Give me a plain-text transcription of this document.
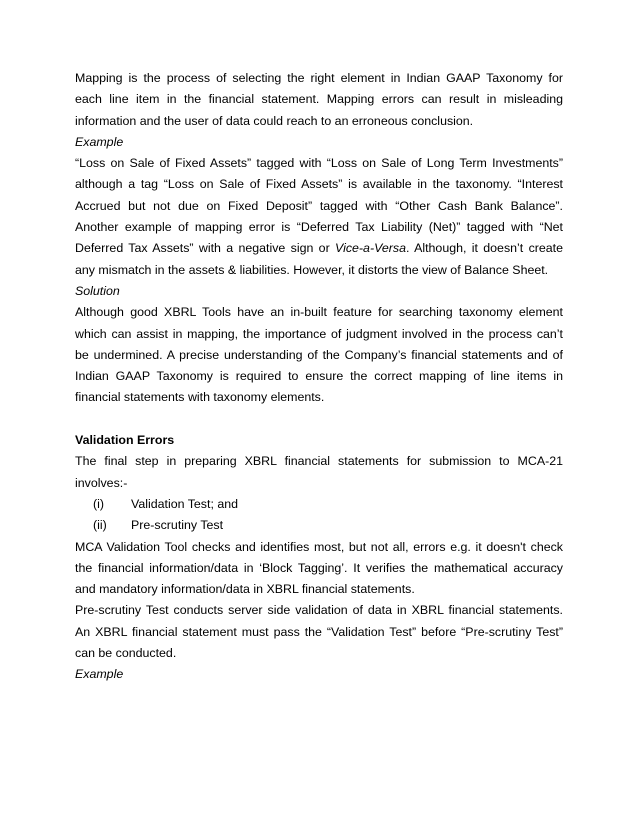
Mapping is the process of selecting the right element in Indian GAAP Taxonomy for
each line item in the financial statement. Mapping errors can result in misleading
information and the user of data could reach to an erroneous conclusion.
Example
“Loss on Sale of Fixed Assets” tagged with “Loss on Sale of Long Term Investments”
although a tag “Loss on Sale of Fixed Assets” is available in the taxonomy. “Interest
Accrued but not due on Fixed Deposit” tagged with “Other Cash Bank Balance”.
Another example of mapping error is “Deferred Tax Liability (Net)” tagged with “Net
Deferred Tax Assets” with a negative sign or Vice-a-Versa. Although, it doesn’t create
any mismatch in the assets & liabilities. However, it distorts the view of Balance Sheet.
Solution
Although good XBRL Tools have an in-built feature for searching taxonomy element
which can assist in mapping, the importance of judgment involved in the process can’t
be undermined. A precise understanding of the Company’s financial statements and of
Indian GAAP Taxonomy is required to ensure the correct mapping of line items in
financial statements with taxonomy elements.
Validation Errors
The final step in preparing XBRL financial statements for submission to MCA-21
involves:-
(i) Validation Test; and
(ii) Pre-scrutiny Test
MCA Validation Tool checks and identifies most, but not all, errors e.g. it doesn't check
the financial information/data in ‘Block Tagging’. It verifies the mathematical accuracy
and mandatory information/data in XBRL financial statements.
Pre-scrutiny Test conducts server side validation of data in XBRL financial statements.
An XBRL financial statement must pass the “Validation Test” before “Pre-scrutiny Test”
can be conducted.
Example
